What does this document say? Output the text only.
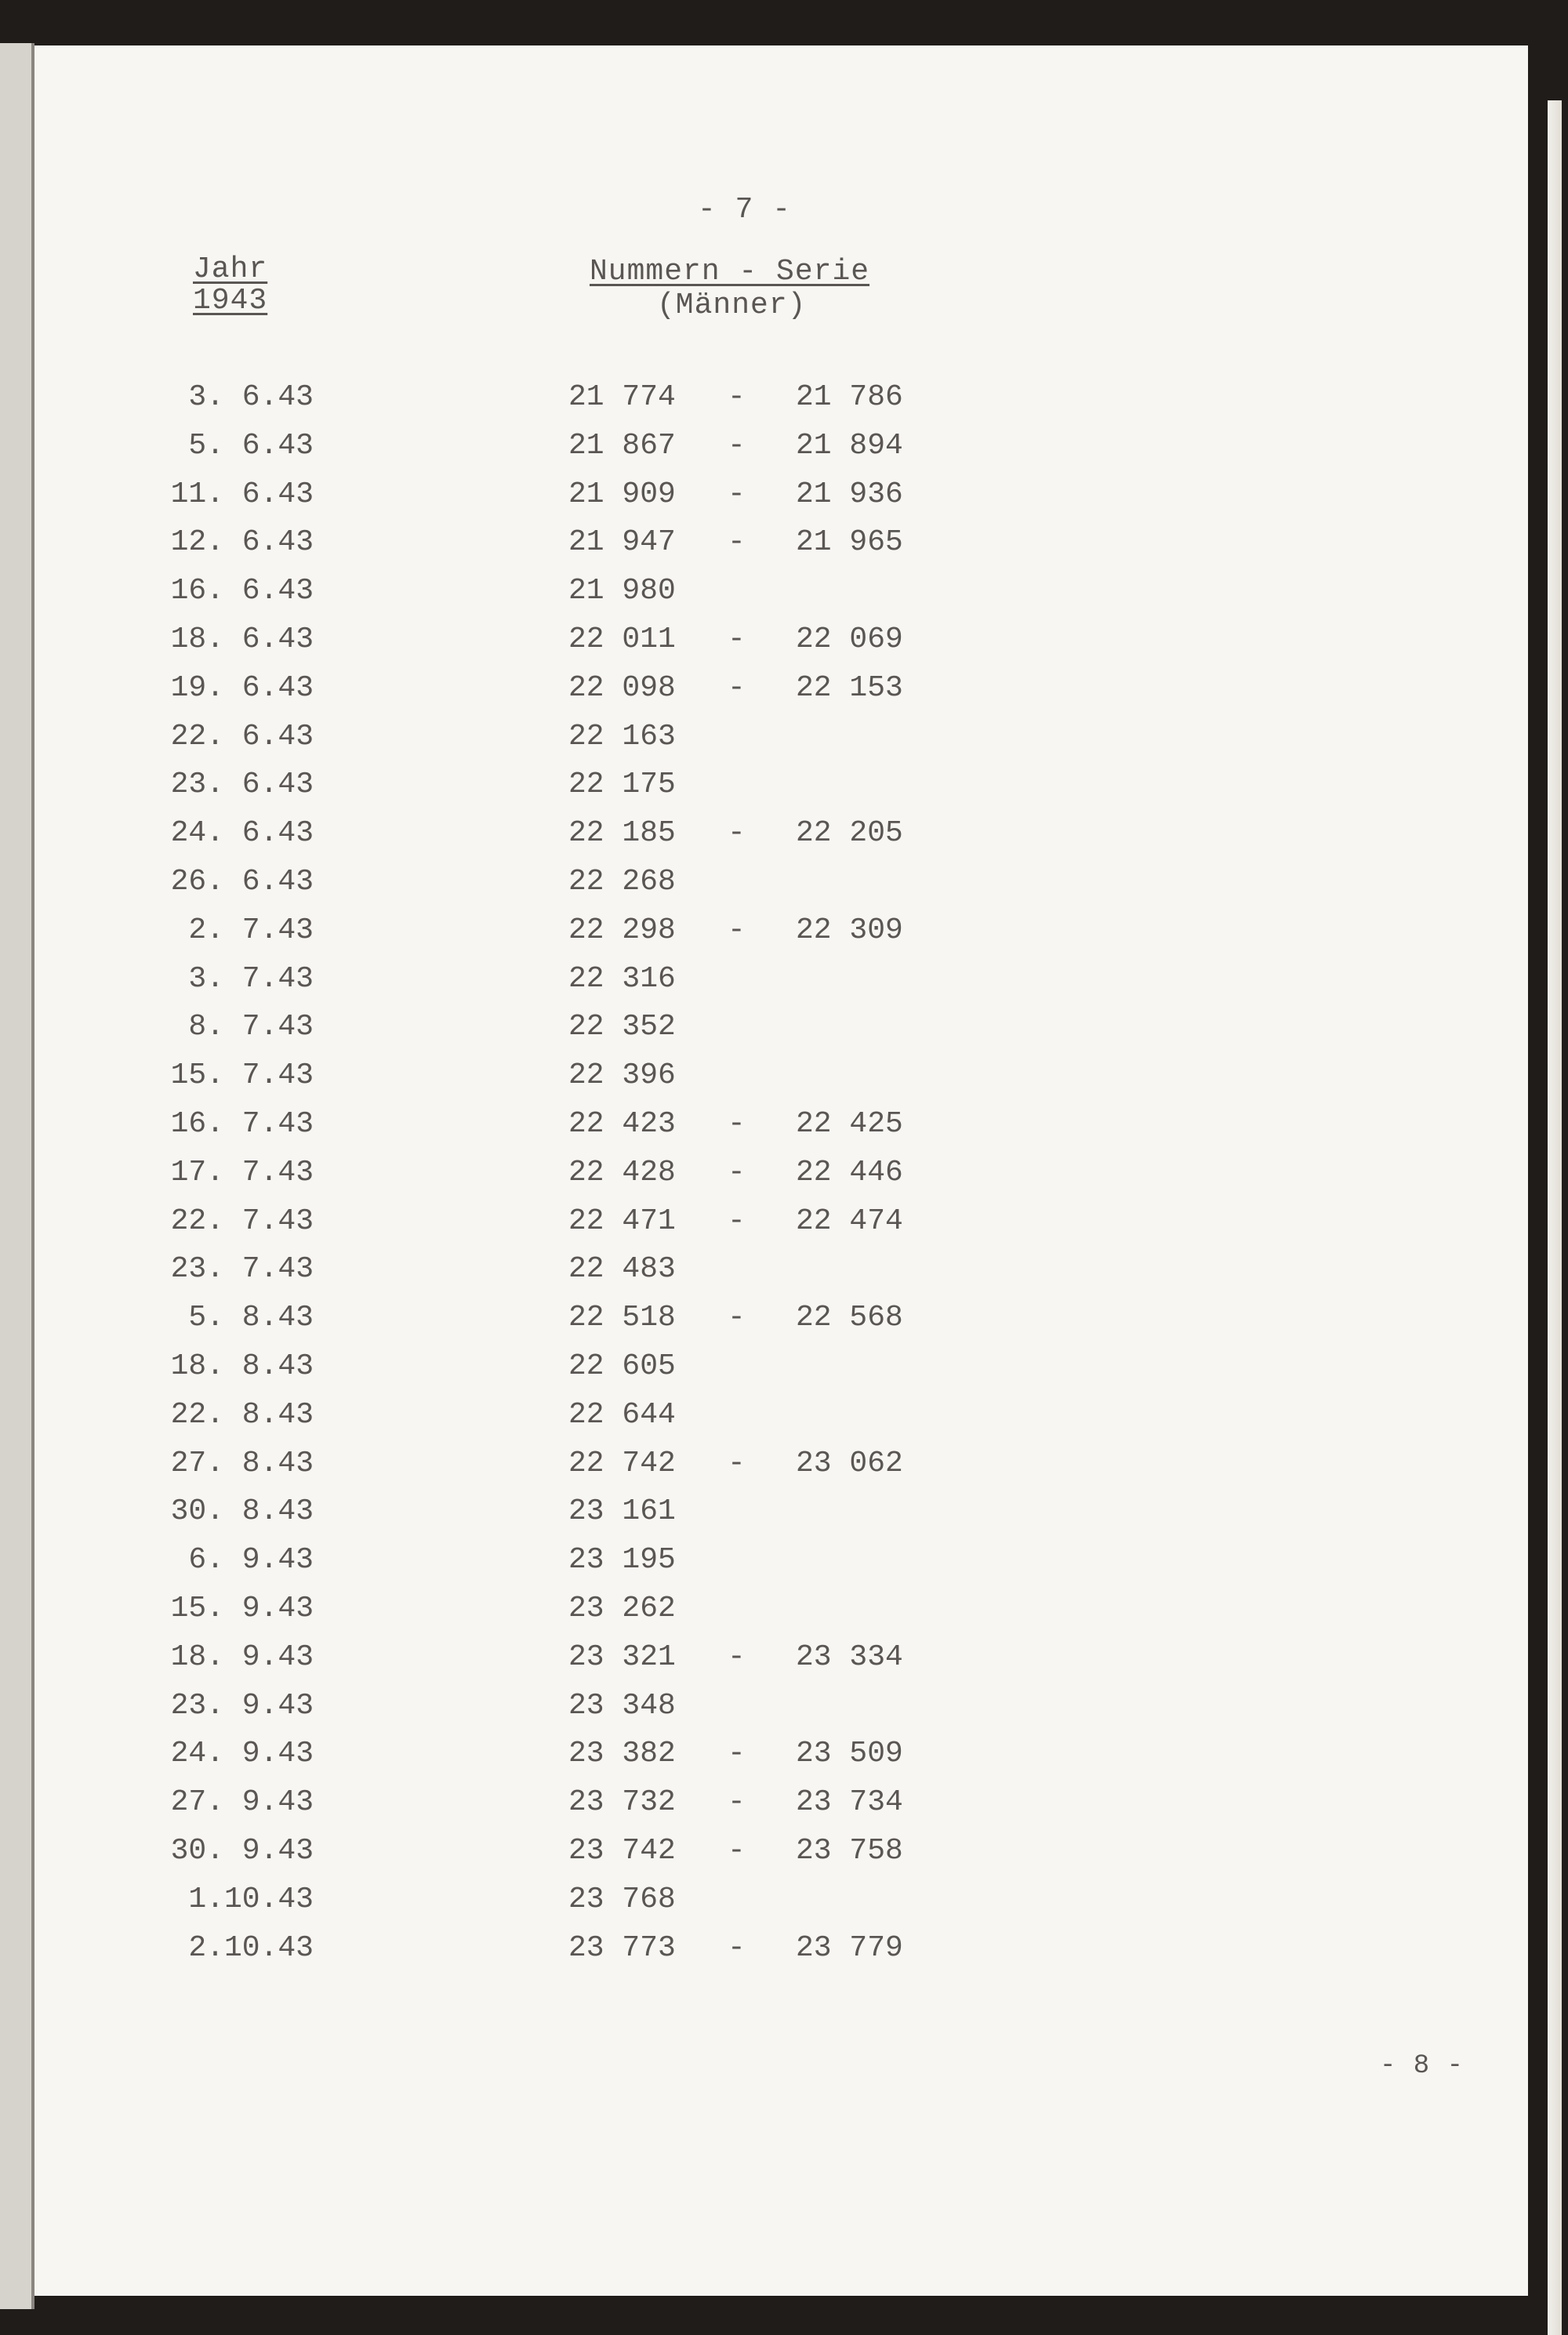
- 7 -
Jahr
1943
Nummern - Serie
(Männer)
3. 6.43	21 774 - 21 786
5. 6.43	21 867 - 21 894
11. 6.43	21 909 - 21 936
12. 6.43	21 947 - 21 965
16. 6.43	21 980
18. 6.43	22 011 - 22 069
19. 6.43	22 098 - 22 153
22. 6.43	22 163
23. 6.43	22 175
24. 6.43	22 185 - 22 205
26. 6.43	22 268
2. 7.43	22 298 - 22 309
3. 7.43	22 316
8. 7.43	22 352
15. 7.43	22 396
16. 7.43	22 423 - 22 425
17. 7.43	22 428 - 22 446
22. 7.43	22 471 - 22 474
23. 7.43	22 483
5. 8.43	22 518 - 22 568
18. 8.43	22 605
22. 8.43	22 644
27. 8.43	22 742 - 23 062
30. 8.43	23 161
6. 9.43	23 195
15. 9.43	23 262
18. 9.43	23 321 - 23 334
23. 9.43	23 348
24. 9.43	23 382 - 23 509
27. 9.43	23 732 - 23 734
30. 9.43	23 742 - 23 758
1.10.43	23 768
2.10.43	23 773 - 23 779
- 8 -
